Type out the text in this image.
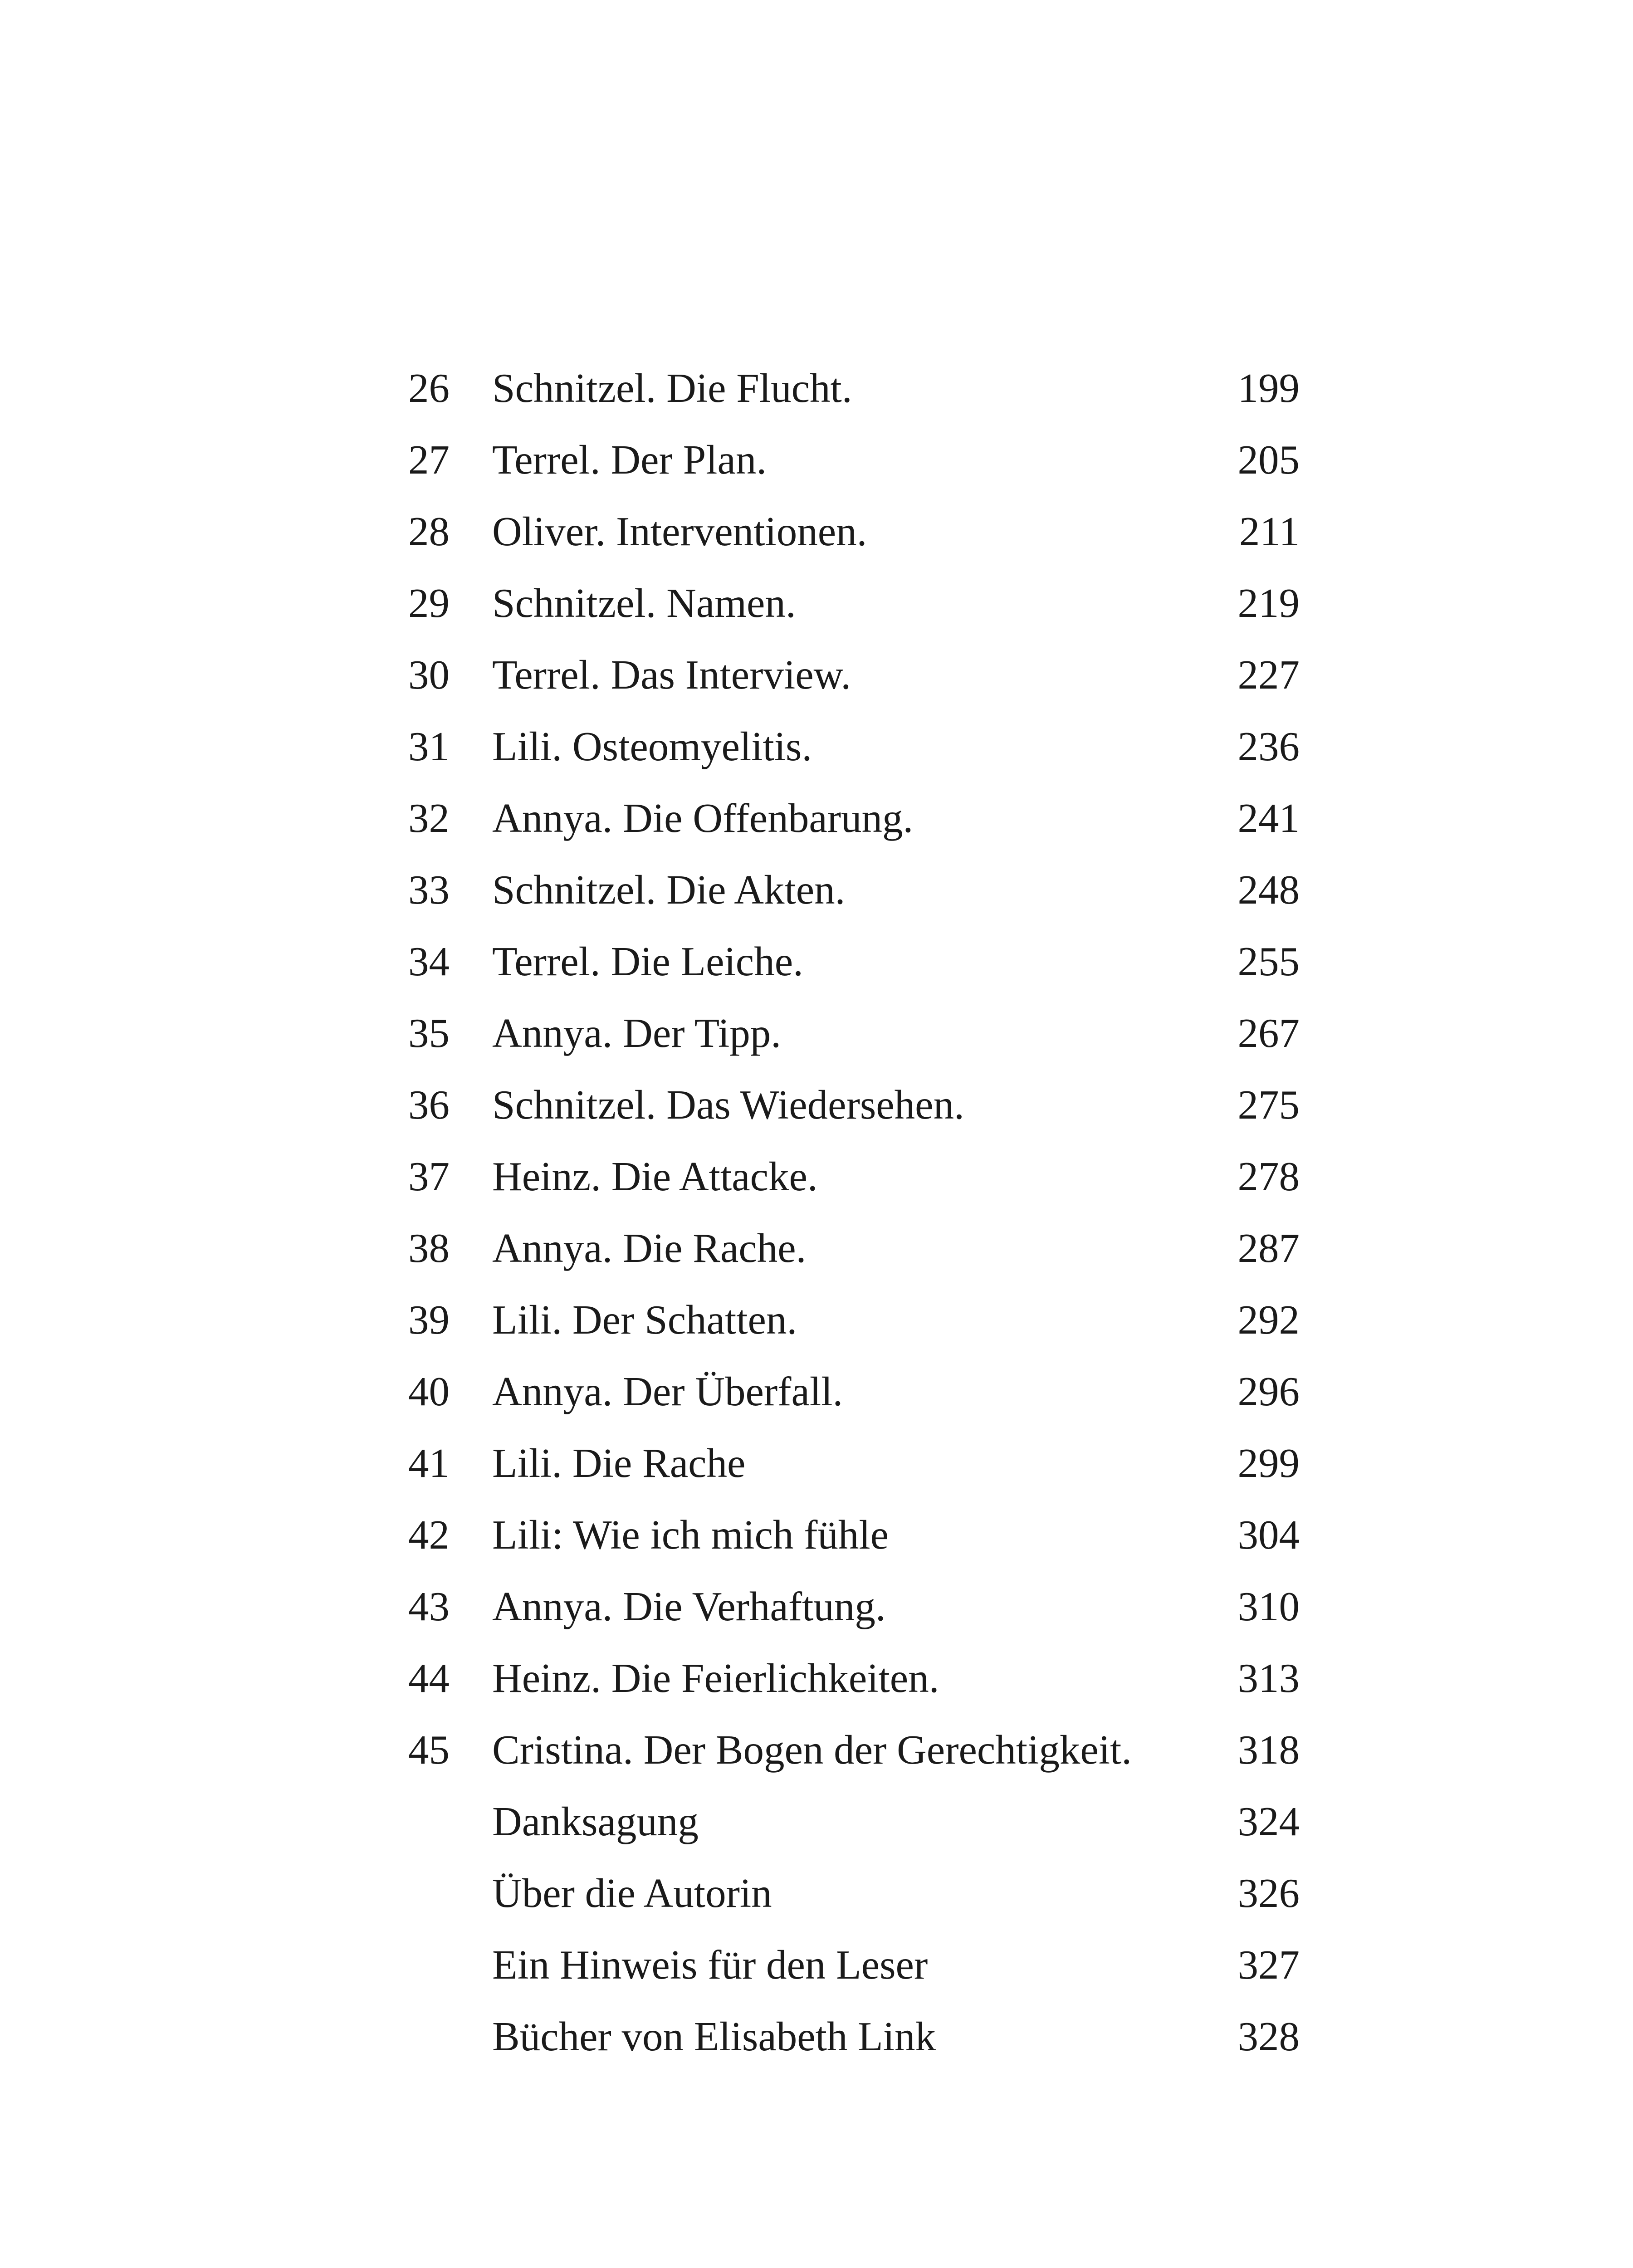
26	Schnitzel. Die Flucht.	199
27	Terrel. Der Plan.	205
28	Oliver. Interventionen.	211
29	Schnitzel. Namen.	219
30	Terrel. Das Interview.	227
31	Lili. Osteomyelitis.	236
32	Annya. Die Offenbarung.	241
33	Schnitzel. Die Akten.	248
34	Terrel. Die Leiche.	255
35	Annya. Der Tipp.	267
36	Schnitzel. Das Wiedersehen.	275
37	Heinz. Die Attacke.	278
38	Annya. Die Rache.	287
39	Lili. Der Schatten.	292
40	Annya. Der Überfall.	296
41	Lili. Die Rache	299
42	Lili: Wie ich mich fühle	304
43	Annya. Die Verhaftung.	310
44	Heinz. Die Feierlichkeiten.	313
45	Cristina. Der Bogen der Gerechtigkeit.	318
Danksagung	324
Über die Autorin	326
Ein Hinweis für den Leser	327
Bücher von Elisabeth Link	328
